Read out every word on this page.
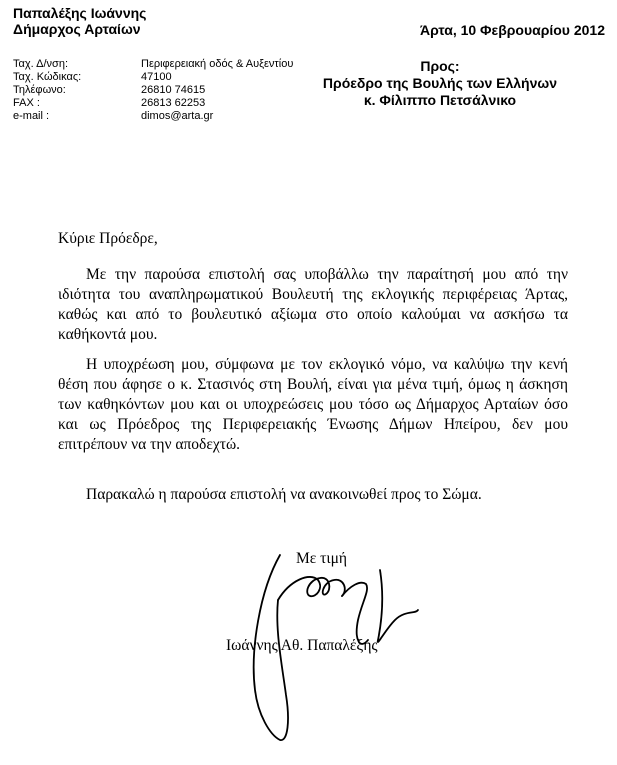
Παπαλέξης Ιωάννης
Δήμαρχος Αρταίων	Άρτα, 10 Φεβρουαρίου 2012
Ταχ. Δ/νση:	Περιφερειακή οδός & Αυξεντίου
Ταχ. Κώδικας:	47100
Τηλέφωνο:	26810 74615
FAX :	26813 62253
e-mail :	dimos@arta.gr
Προς:
Πρόεδρο της Βουλής των Ελλήνων
κ. Φίλιππο Πετσάλνικο
Κύριε Πρόεδρε,
Με την παρούσα επιστολή σας υποβάλλω την παραίτησή μου από την ιδιότητα του αναπληρωματικού Βουλευτή της εκλογικής περιφέρειας Άρτας, καθώς και από το βουλευτικό αξίωμα στο οποίο καλούμαι να ασκήσω τα καθήκοντά μου.
Η υποχρέωση μου, σύμφωνα με τον εκλογικό νόμο, να καλύψω την κενή θέση που άφησε ο κ. Στασινός στη Βουλή, είναι για μένα τιμή, όμως η άσκηση των καθηκόντων μου και οι υποχρεώσεις μου τόσο ως Δήμαρχος Αρταίων όσο και ως Πρόεδρος της Περιφερειακής Ένωσης Δήμων Ηπείρου, δεν μου επιτρέπουν να την αποδεχτώ.
Παρακαλώ η παρούσα επιστολή να ανακοινωθεί προς το Σώμα.
Με τιμή
Ιωάννης Αθ. Παπαλέξης
